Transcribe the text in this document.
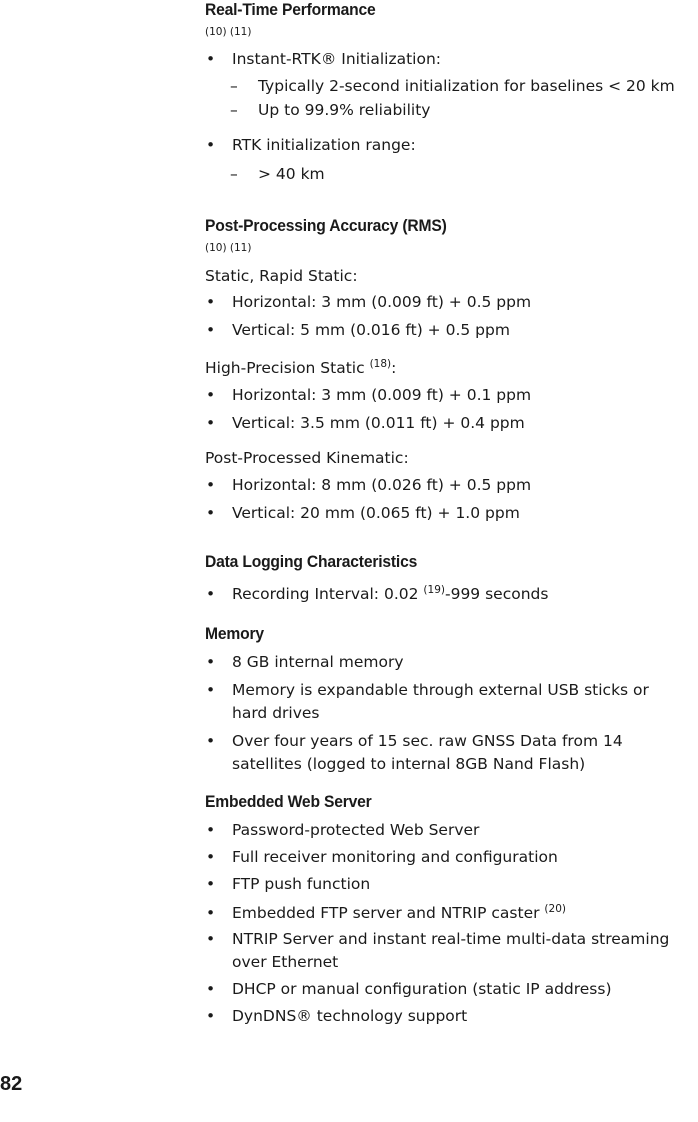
Real-Time Performance
(10) (11)
• Instant-RTK® Initialization:
– Typically 2-second initialization for baselines < 20 km
– Up to 99.9% reliability
• RTK initialization range:
– > 40 km
Post-Processing Accuracy (RMS)
(10) (11)
Static, Rapid Static:
• Horizontal: 3 mm (0.009 ft) + 0.5 ppm
• Vertical: 5 mm (0.016 ft) + 0.5 ppm
High-Precision Static $^{(18)}$:
• Horizontal: 3 mm (0.009 ft) + 0.1 ppm
• Vertical: 3.5 mm (0.011 ft) + 0.4 ppm
Post-Processed Kinematic:
• Horizontal: 8 mm (0.026 ft) + 0.5 ppm
• Vertical: 20 mm (0.065 ft) + 1.0 ppm
Data Logging Characteristics
• Recording Interval: 0.02 $^{(19)}$-999 seconds
Memory
• 8 GB internal memory
• Memory is expandable through external USB sticks or hard drives
• Over four years of 15 sec. raw GNSS Data from 14 satellites (logged to internal 8GB Nand Flash)
Embedded Web Server
• Password-protected Web Server
• Full receiver monitoring and configuration
• FTP push function
• Embedded FTP server and NTRIP caster $^{(20)}$
• NTRIP Server and instant real-time multi-data streaming over Ethernet
• DHCP or manual configuration (static IP address)
• DynDNS® technology support
82
